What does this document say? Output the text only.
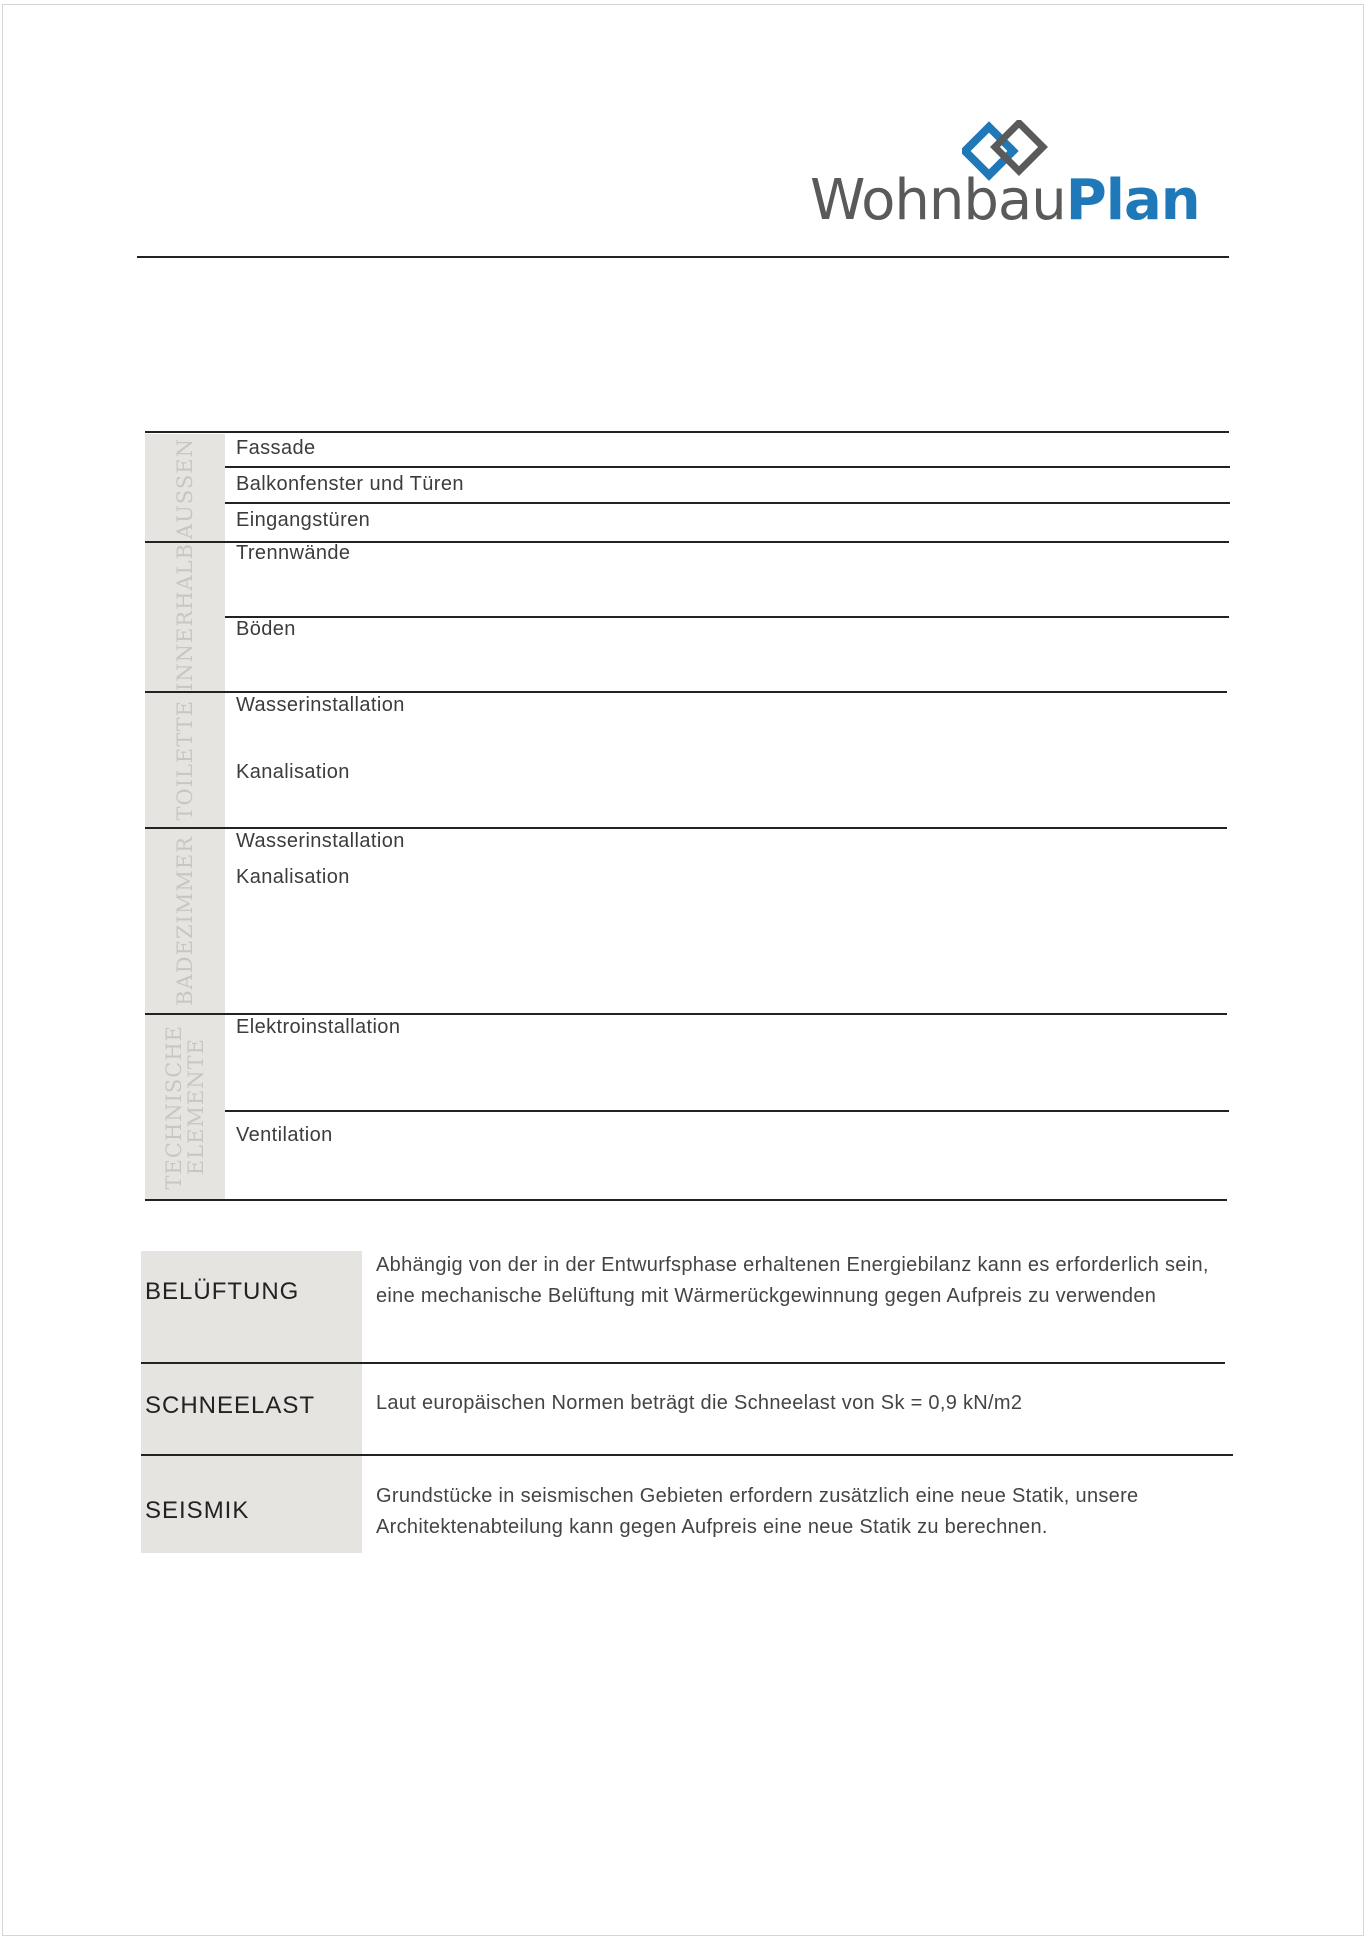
WohnbauPlan
AUSSEN
INNERHALB
TOILETTE
BADEZIMMER
TECHNISCHE
ELEMENTE
Fassade
Balkonfenster und Türen
Eingangstüren
Trennwände
Böden
Wasserinstallation
Kanalisation
Wasserinstallation
Kanalisation
Elektroinstallation
Ventilation
BELÜFTUNG
Abhängig von der in der Entwurfsphase erhaltenen Energiebilanz kann es erforderlich sein, eine mechanische Belüftung mit Wärmerückgewinnung gegen Aufpreis zu verwenden
SCHNEELAST	Laut europäischen Normen beträgt die Schneelast von Sk = 0,9 kN/m2
SEISMIK
Grundstücke in seismischen Gebieten erfordern zusätzlich eine neue Statik, unsere Architektenabteilung kann gegen Aufpreis eine neue Statik zu berechnen.
